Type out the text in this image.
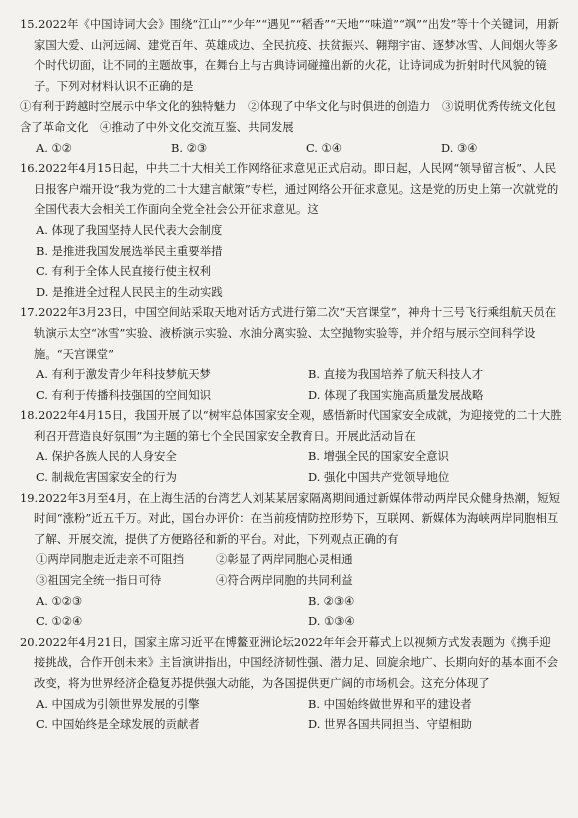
15.2022年《中国诗词大会》围绕“江山”“少年”“遇见”“稻香”“天地”“味道”“飒”“出发”等十个关键词，用新家国大爱、山河远阔、建党百年、英雄成边、全民抗疫、扶贫振兴、翱翔宇宙、逐梦冰雪、人间烟火等多个时代切面，让不同的主题故事，在舞台上与古典诗词碰撞出新的火花，让诗词成为折射时代风貌的镜子。下列对材料认识不正确的是

①有利于跨越时空展示中华文化的独特魅力 ②体现了中华文化与时俱进的创造力 ③说明优秀传统文化包含了革命文化 ④推动了中外文化交流互鉴、共同发展
A. ①②	B. ②③	C. ①④	D. ③④

16.2022年4月15日起，中共二十大相关工作网络征求意见正式启动。即日起，人民网“领导留言板”、人民日报客户端开设“我为党的二十大建言献策”专栏，通过网络公开征求意见。这是党的历史上第一次就党的全国代表大会相关工作面向全党全社会公开征求意见。这

A. 体现了我国坚持人民代表大会制度
B. 是推进我国发展选举民主重要举措
C. 有利于全体人民直接行使主权利
D. 是推进全过程人民民主的生动实践

17.2022年3月23日，中国空间站采取天地对话方式进行第二次“天宫课堂”，神舟十三号飞行乘组航天员在轨演示太空“冰雪”实验、液桥演示实验、水油分离实验、太空抛物实验等，并介绍与展示空间科学设施。“天宫课堂”

A. 有利于激发青少年科技梦航天梦	B. 直接为我国培养了航天科技人才
C. 有利于传播科技强国的空间知识	D. 体现了我国实施高质量发展战略

18.2022年4月15日，我国开展了以“树牢总体国家安全观，感悟新时代国家安全成就，为迎接党的二十大胜利召开营造良好氛围”为主题的第七个全民国家安全教育日。开展此活动旨在

A. 保护各族人民的人身安全	B. 增强全民的国家安全意识
C. 制裁危害国家安全的行为	D. 强化中国共产党领导地位

19.2022年3月至4月，在上海生活的台湾艺人刘某某居家隔离期间通过新媒体带动两岸民众健身热潮，短短时间“涨粉”近五千万。对此，国台办评价：在当前疫情防控形势下，互联网、新媒体为海峡两岸同胞相互了解、开展交流，提供了方便路径和新的平台。对此，下列观点正确的有

①两岸同胞走近走亲不可阻挡	②彰显了两岸同胞心灵相通
③祖国完全统一指日可待	④符合两岸同胞的共同利益
A. ①②③	B. ②③④
C. ①②④	D. ①③④

20.2022年4月21日，国家主席习近平在博鳌亚洲论坛2022年年会开幕式上以视频方式发表题为《携手迎接挑战，合作开创未来》主旨演讲指出，中国经济韧性强、潜力足、回旋余地广、长期向好的基本面不会改变，将为世界经济企稳复苏提供强大动能，为各国提供更广阔的市场机会。这充分体现了

A. 中国成为引领世界发展的引擎	B. 中国始终做世界和平的建设者
C. 中国始终是全球发展的贡献者	D. 世界各国共同担当、守望相助
